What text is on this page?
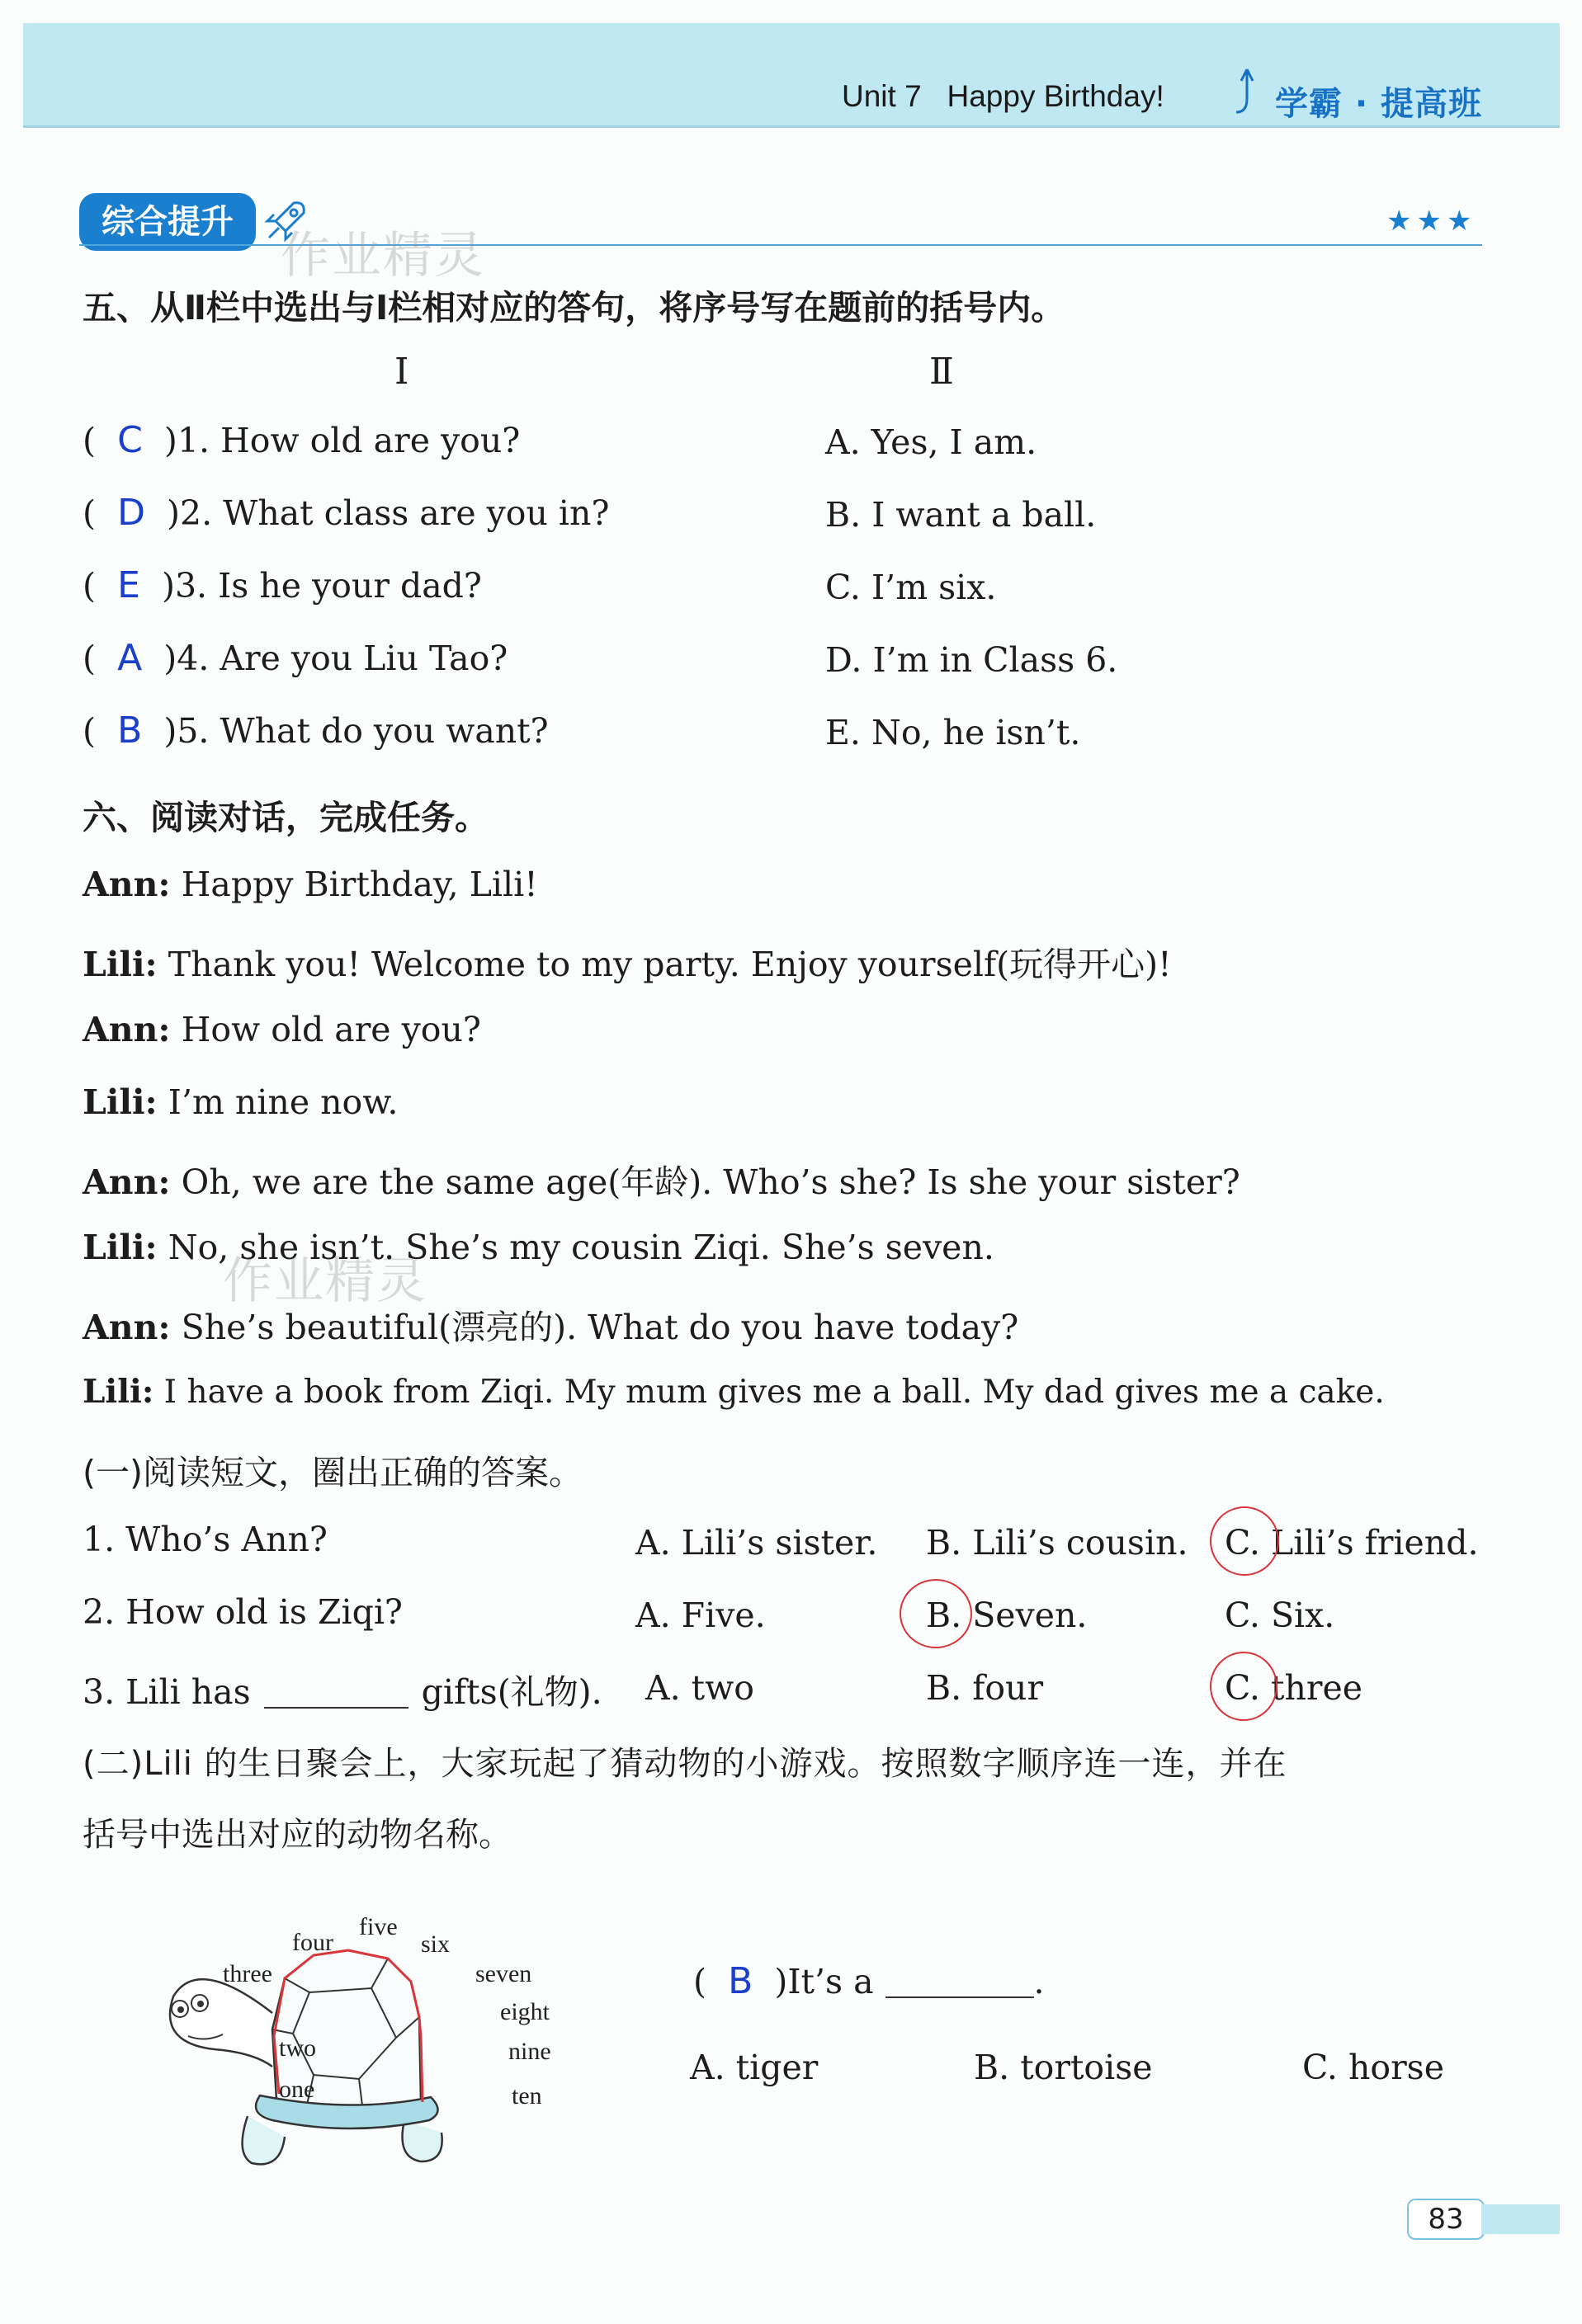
Unit 7 Happy Birthday!	学霸 · 提高班
综合提升	★★★
作业精灵
作业精灵
五、从Ⅱ栏中选出与Ⅰ栏相对应的答句，将序号写在题前的括号内。
Ⅰ	Ⅱ
(  C )1. How old are you?	A. Yes, I am.
(  D )2. What class are you in?	B. I want a ball.
(  E )3. Is he your dad?	C. I’m six.
(  A )4. Are you Liu Tao?	D. I’m in Class 6.
(  B )5. What do you want?	E. No, he isn’t.
六、阅读对话，完成任务。
Ann: Happy Birthday, Lili!
Lili: Thank you! Welcome to my party. Enjoy yourself(玩得开心)!
Ann: How old are you?
Lili: I’m nine now.
Ann: Oh, we are the same age(年龄). Who’s she? Is she your sister?
Lili: No, she isn’t. She’s my cousin Ziqi. She’s seven.
Ann: She’s beautiful(漂亮的). What do you have today?
Lili: I have a book from Ziqi. My mum gives me a ball. My dad gives me a cake.
(一)阅读短文，圈出正确的答案。
1. Who’s Ann?	A. Lili’s sister. B. Lili’s cousin. C. Lili’s friend.
2. How old is Ziqi?	A. Five.	B. Seven.	C. Six.
3. Lili has	gifts(礼物). A. two	B. four	C. three
(二)Lili 的生日聚会上，大家玩起了猜动物的小游戏。按照数字顺序连一连，并在
括号中选出对应的动物名称。
one
two
three
four
five
six
seven
eight
nine
ten
(  B )It’s a	.
A. tiger	B. tortoise	C. horse
83
